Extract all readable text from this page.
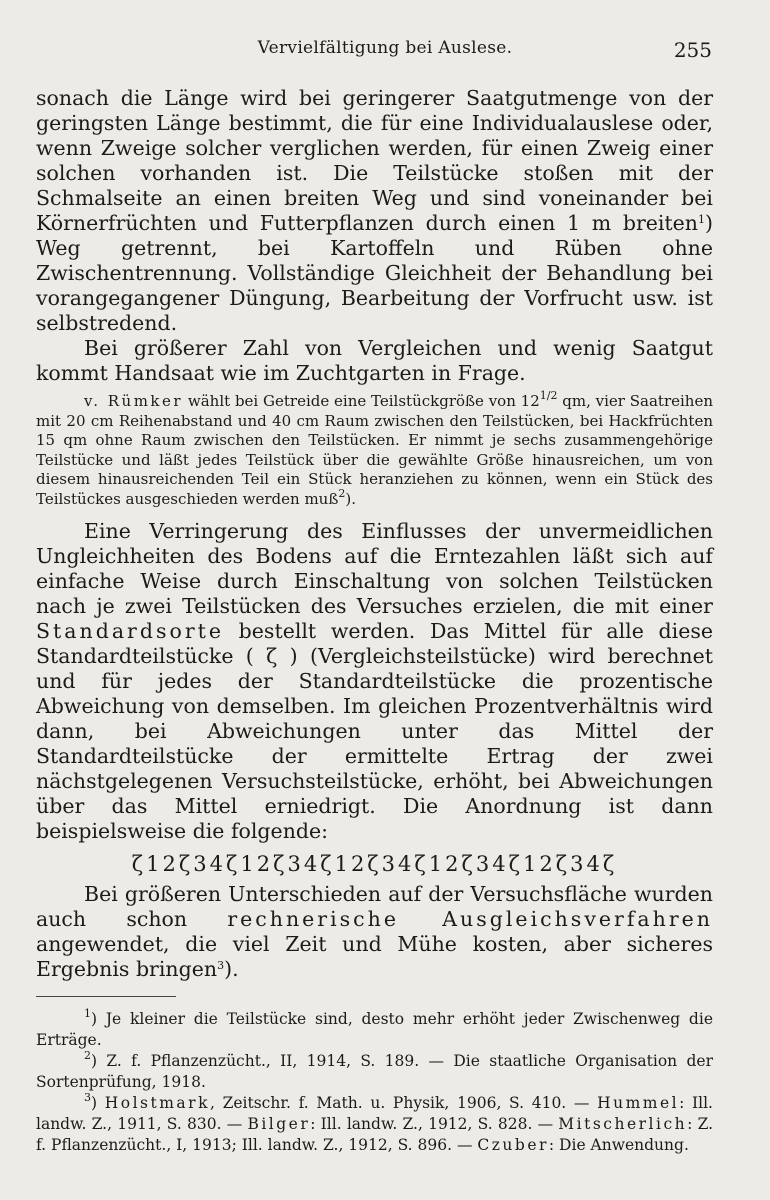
Vervielfältigung bei Auslese.	255

sonach die Länge wird bei geringerer Saatgutmenge von der geringsten Länge bestimmt, die für eine Individualauslese oder, wenn Zweige solcher verglichen werden, für einen Zweig einer solchen vorhanden ist. Die Teilstücke stoßen mit der Schmalseite an einen breiten Weg und sind voneinander bei Körnerfrüchten und Futterpflanzen durch einen 1 m breiten$^1$) Weg getrennt, bei Kartoffeln und Rüben ohne Zwischentrennung. Vollständige Gleichheit der Behandlung bei vorangegangener Düngung, Bearbeitung der Vorfrucht usw. ist selbstredend.

Bei größerer Zahl von Vergleichen und wenig Saatgut kommt Handsaat wie im Zuchtgarten in Frage.

v. Rümker wählt bei Getreide eine Teilstückgröße von $12^{1/2}$ qm, vier Saatreihen mit 20 cm Reihenabstand und 40 cm Raum zwischen den Teilstücken, bei Hackfrüchten 15 qm ohne Raum zwischen den Teilstücken. Er nimmt je sechs zusammengehörige Teilstücke und läßt jedes Teilstück über die gewählte Größe hinausreichen, um von diesem hinausreichenden Teil ein Stück heranziehen zu können, wenn ein Stück des Teilstückes ausgeschieden werden muß$^2$).

Eine Verringerung des Einflusses der unvermeidlichen Ungleichheiten des Bodens auf die Erntezahlen läßt sich auf einfache Weise durch Einschaltung von solchen Teilstücken nach je zwei Teilstücken des Versuches erzielen, die mit einer Standardsorte bestellt werden. Das Mittel für alle diese Standardteilstücke ( ζ ) (Vergleichsteilstücke) wird berechnet und für jedes der Standardteilstücke die prozentische Abweichung von demselben. Im gleichen Prozentverhältnis wird dann, bei Abweichungen unter das Mittel der Standardteilstücke der ermittelte Ertrag der zwei nächstgelegenen Versuchsteilstücke, erhöht, bei Abweichungen über das Mittel erniedrigt. Die Anordnung ist dann beispielsweise die folgende:

ζ12ζ34ζ12ζ34ζ12ζ34ζ12ζ34ζ12ζ34ζ

Bei größeren Unterschieden auf der Versuchsfläche wurden auch schon rechnerische Ausgleichsverfahren angewendet, die viel Zeit und Mühe kosten, aber sicheres Ergebnis bringen$^3$).

$^1$) Je kleiner die Teilstücke sind, desto mehr erhöht jeder Zwischenweg die Erträge.

$^2$) Z. f. Pflanzenzücht., II, 1914, S. 189. — Die staatliche Organisation der Sortenprüfung, 1918.

$^3$) Holstmark, Zeitschr. f. Math. u. Physik, 1906, S. 410. — Hummel: Ill. landw. Z., 1911, S. 830. — Bilger: Ill. landw. Z., 1912, S. 828. — Mitscherlich: Z. f. Pflanzenzücht., I, 1913; Ill. landw. Z., 1912, S. 896. — Czuber: Die Anwendung.
